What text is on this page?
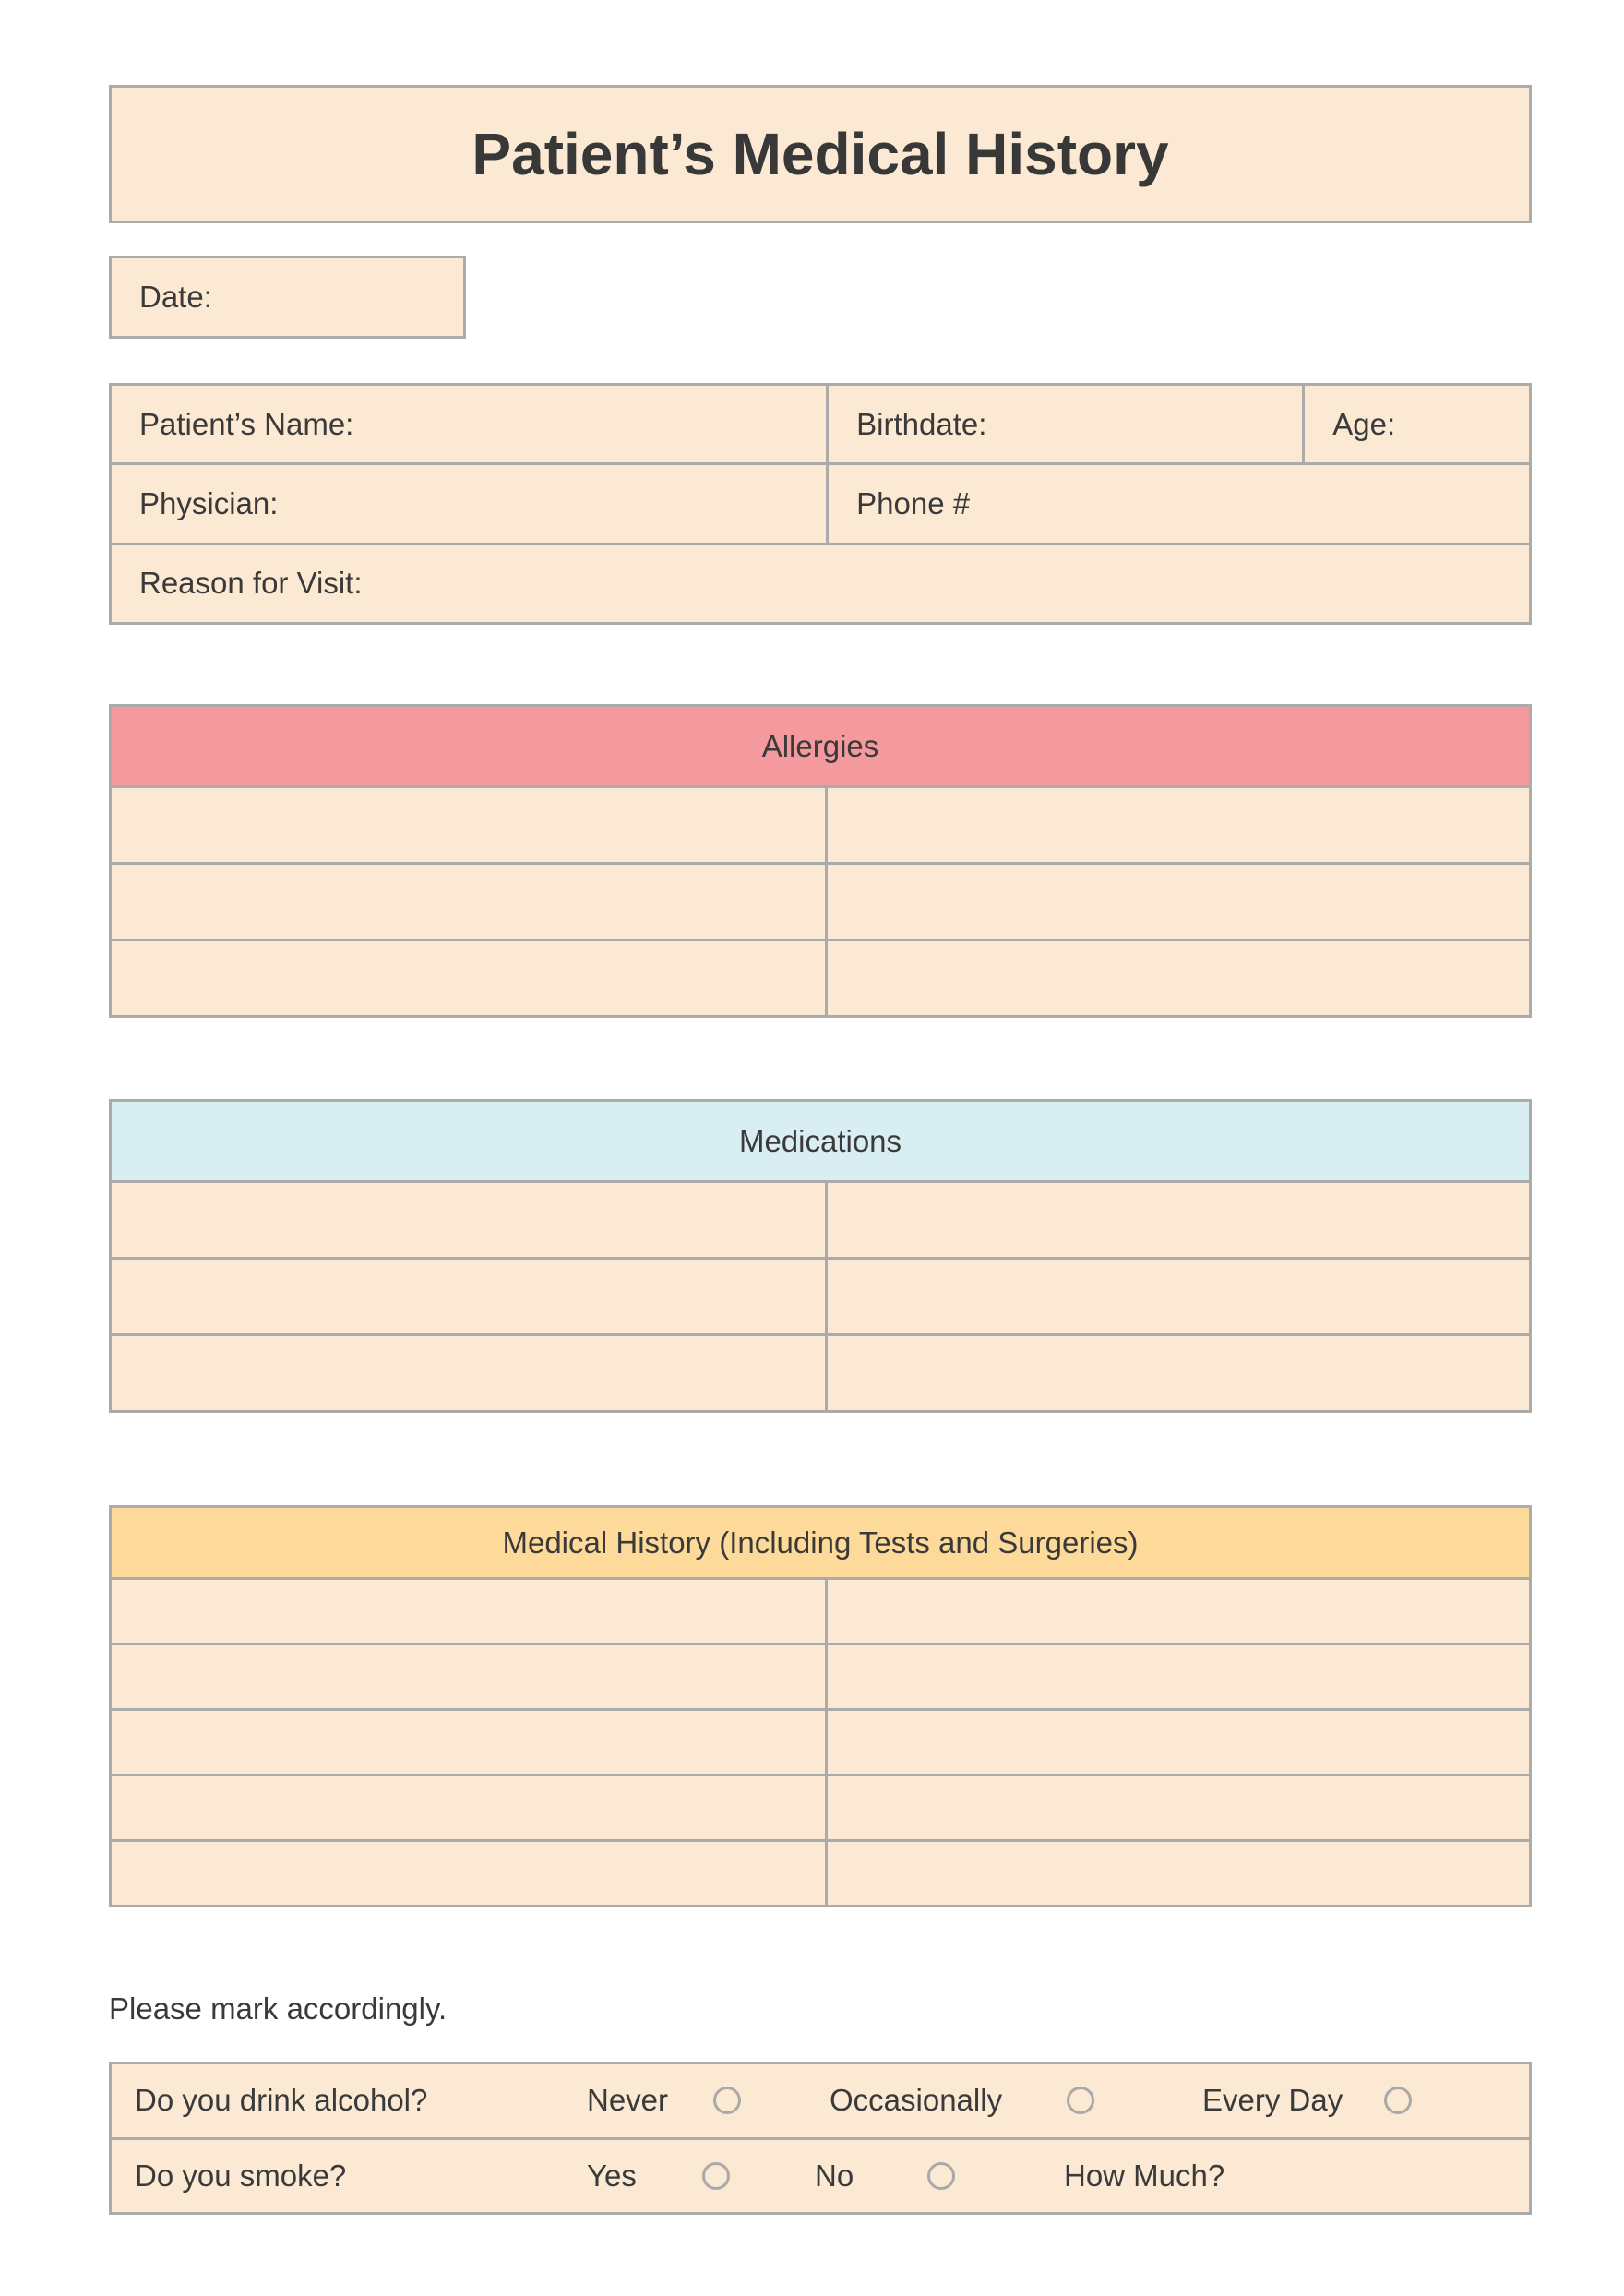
Patient’s Medical History
Date:
Patient’s Name:	Birthdate:	Age:
Physician:	Phone #
Reason for Visit:
Allergies
Medications
Medical History (Including Tests and Surgeries)

Please mark accordingly.

Do you drink alcohol?	Never	Occasionally	Every Day
Do you smoke?	Yes	No	How Much?
